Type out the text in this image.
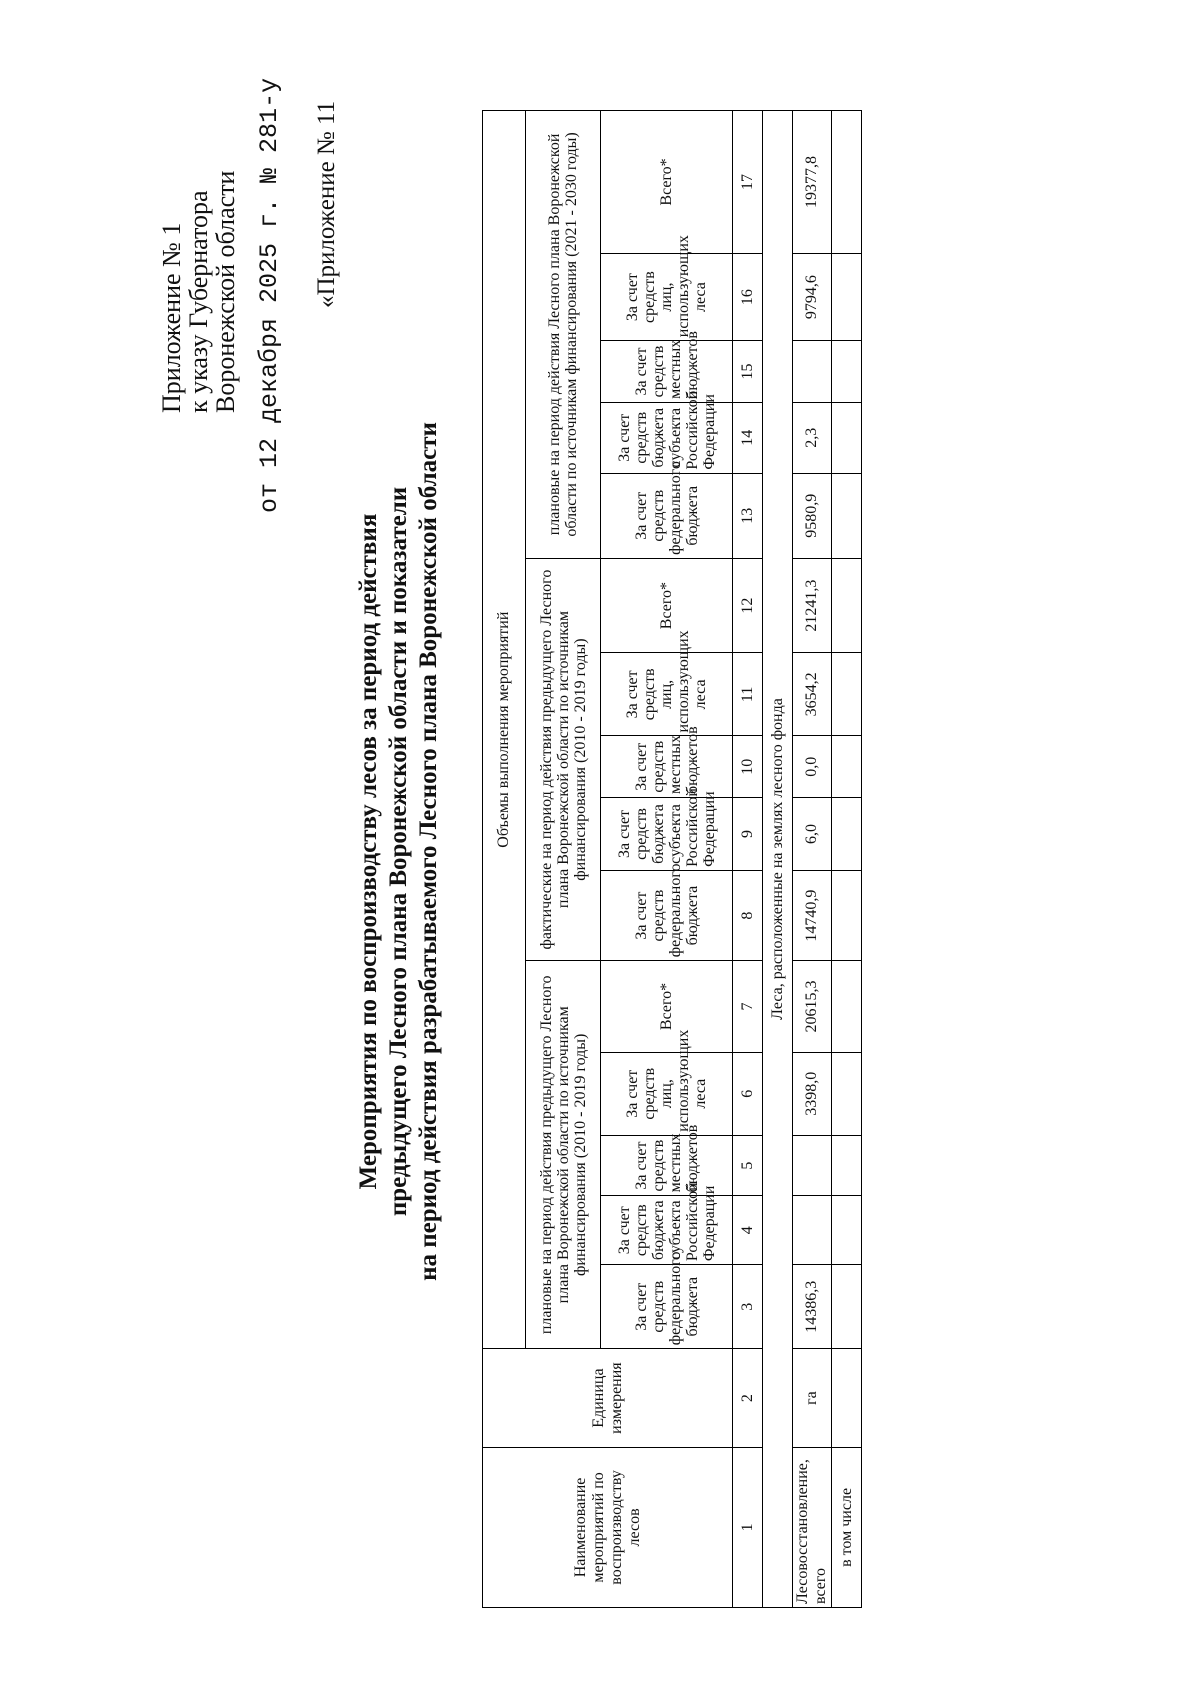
Приложение № 1
к указу Губернатора
Воронежской области от 12 декабря 2025 г. № 281-у «Приложение № 11
Мероприятия по воспроизводству лесов за период действия предыдущего Лесного плана Воронежской области и показатели на период действия разрабатываемого Лесного плана Воронежской области
Наименование мероприятий по воспроизводству лесов	Единица измерения	Объемы выполнения мероприятий														
		плановые на период действия предыдущего Лесного плана Воронежской области по источникам финансирования (2010 - 2019 годы)					фактические на период действия предыдущего Лесного плана Воронежской области по источникам финансирования (2010 - 2019 годы)					плановые на период действия Лесного плана Воронежской области по источникам финансирования (2021 - 2030 годы)				
		За счет средств федерального бюджета	За счет средств бюджета субъекта Российской Федерации	За счет средств местных бюджетов	За счет средств лиц, использующих леса	Всего*	За счет средств федерального бюджета	За счет средств бюджета субъекта Российской Федерации	За счет средств местных бюджетов	За счет средств лиц, использующих леса	Всего*	За счет средств федерального бюджета	За счет средств бюджета субъекта Российской Федерации	За счет средств местных бюджетов	За счет средств лиц, использующих леса	Всего*
1	2	3	4	5	6	7	8	9	10	11	12	13	14	15	16	17
Леса, расположенные на землях лесного фонда																
Лесовосстановление, всего	га	14386,3			3398,0	20615,3	14740,9	6,0	0,0	3654,2	21241,3	9580,9	2,3		9794,6	19377,8
в том числе																
